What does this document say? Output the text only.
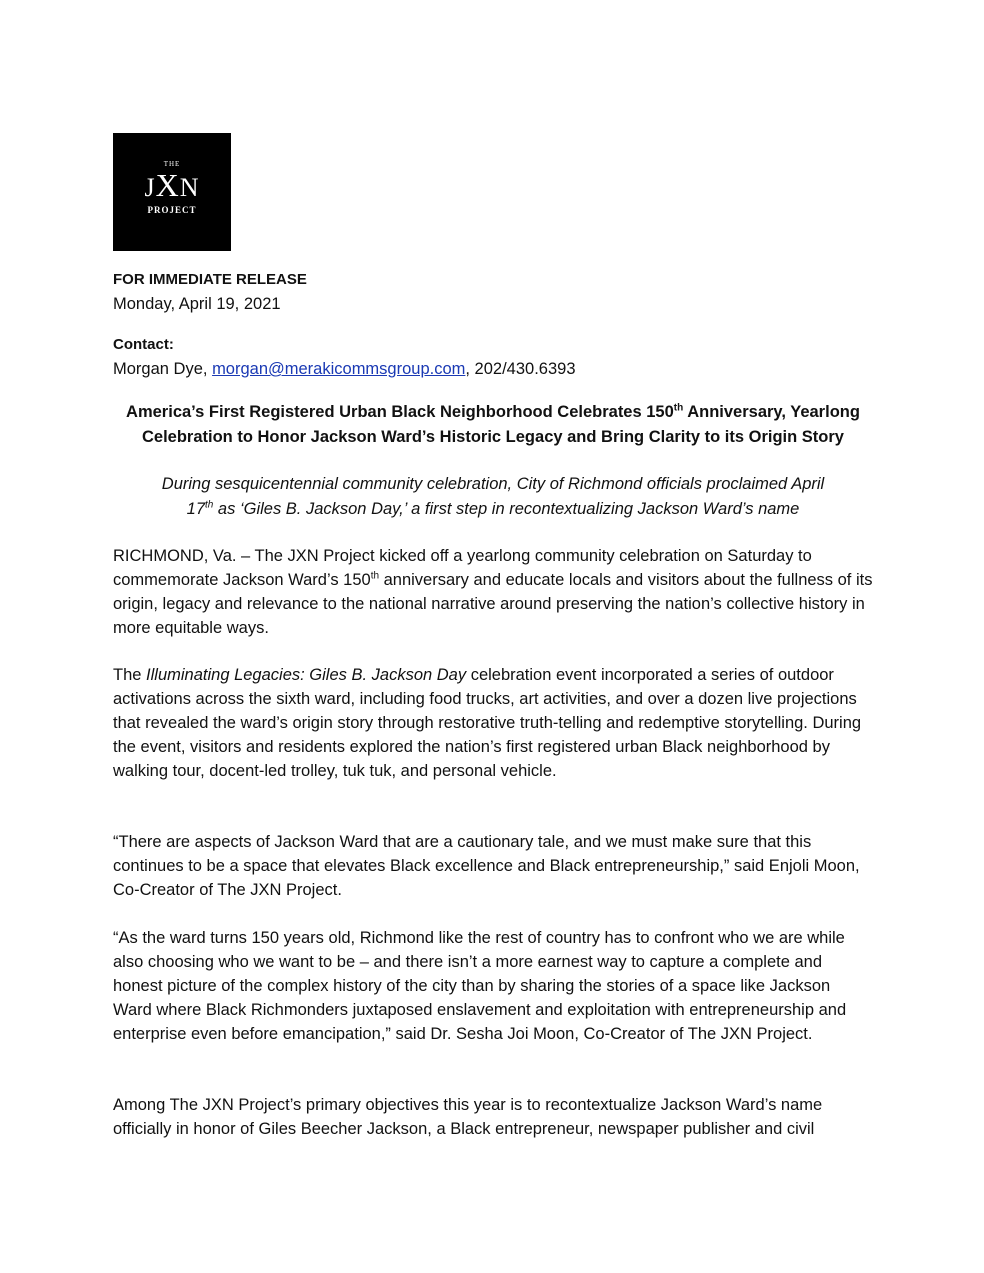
THE
JXN
PROJECT
FOR IMMEDIATE RELEASE
Monday, April 19, 2021
Contact:
Morgan Dye, morgan@merakicommsgroup.com, 202/430.6393
America’s First Registered Urban Black Neighborhood Celebrates 150th Anniversary, Yearlong
Celebration to Honor Jackson Ward’s Historic Legacy and Bring Clarity to its Origin Story
During sesquicentennial community celebration, City of Richmond officials proclaimed April
17th as ‘Giles B. Jackson Day,’ a first step in recontextualizing Jackson Ward’s name

RICHMOND, Va. – The JXN Project kicked off a yearlong community celebration on Saturday to commemorate Jackson Ward’s 150th anniversary and educate locals and visitors about the fullness of its origin, legacy and relevance to the national narrative around preserving the nation’s collective history in more equitable ways.

The Illuminating Legacies: Giles B. Jackson Day celebration event incorporated a series of outdoor activations across the sixth ward, including food trucks, art activities, and over a dozen live projections that revealed the ward’s origin story through restorative truth-telling and redemptive storytelling. During the event, visitors and residents explored the nation’s first registered urban Black neighborhood by walking tour, docent-led trolley, tuk tuk, and personal vehicle.

“There are aspects of Jackson Ward that are a cautionary tale, and we must make sure that this continues to be a space that elevates Black excellence and Black entrepreneurship,” said Enjoli Moon, Co-Creator of The JXN Project.

“As the ward turns 150 years old, Richmond like the rest of country has to confront who we are while also choosing who we want to be – and there isn’t a more earnest way to capture a complete and honest picture of the complex history of the city than by sharing the stories of a space like Jackson Ward where Black Richmonders juxtaposed enslavement and exploitation with entrepreneurship and enterprise even before emancipation,” said Dr. Sesha Joi Moon, Co-Creator of The JXN Project.

Among The JXN Project’s primary objectives this year is to recontextualize Jackson Ward’s name officially in honor of Giles Beecher Jackson, a Black entrepreneur, newspaper publisher and civil
